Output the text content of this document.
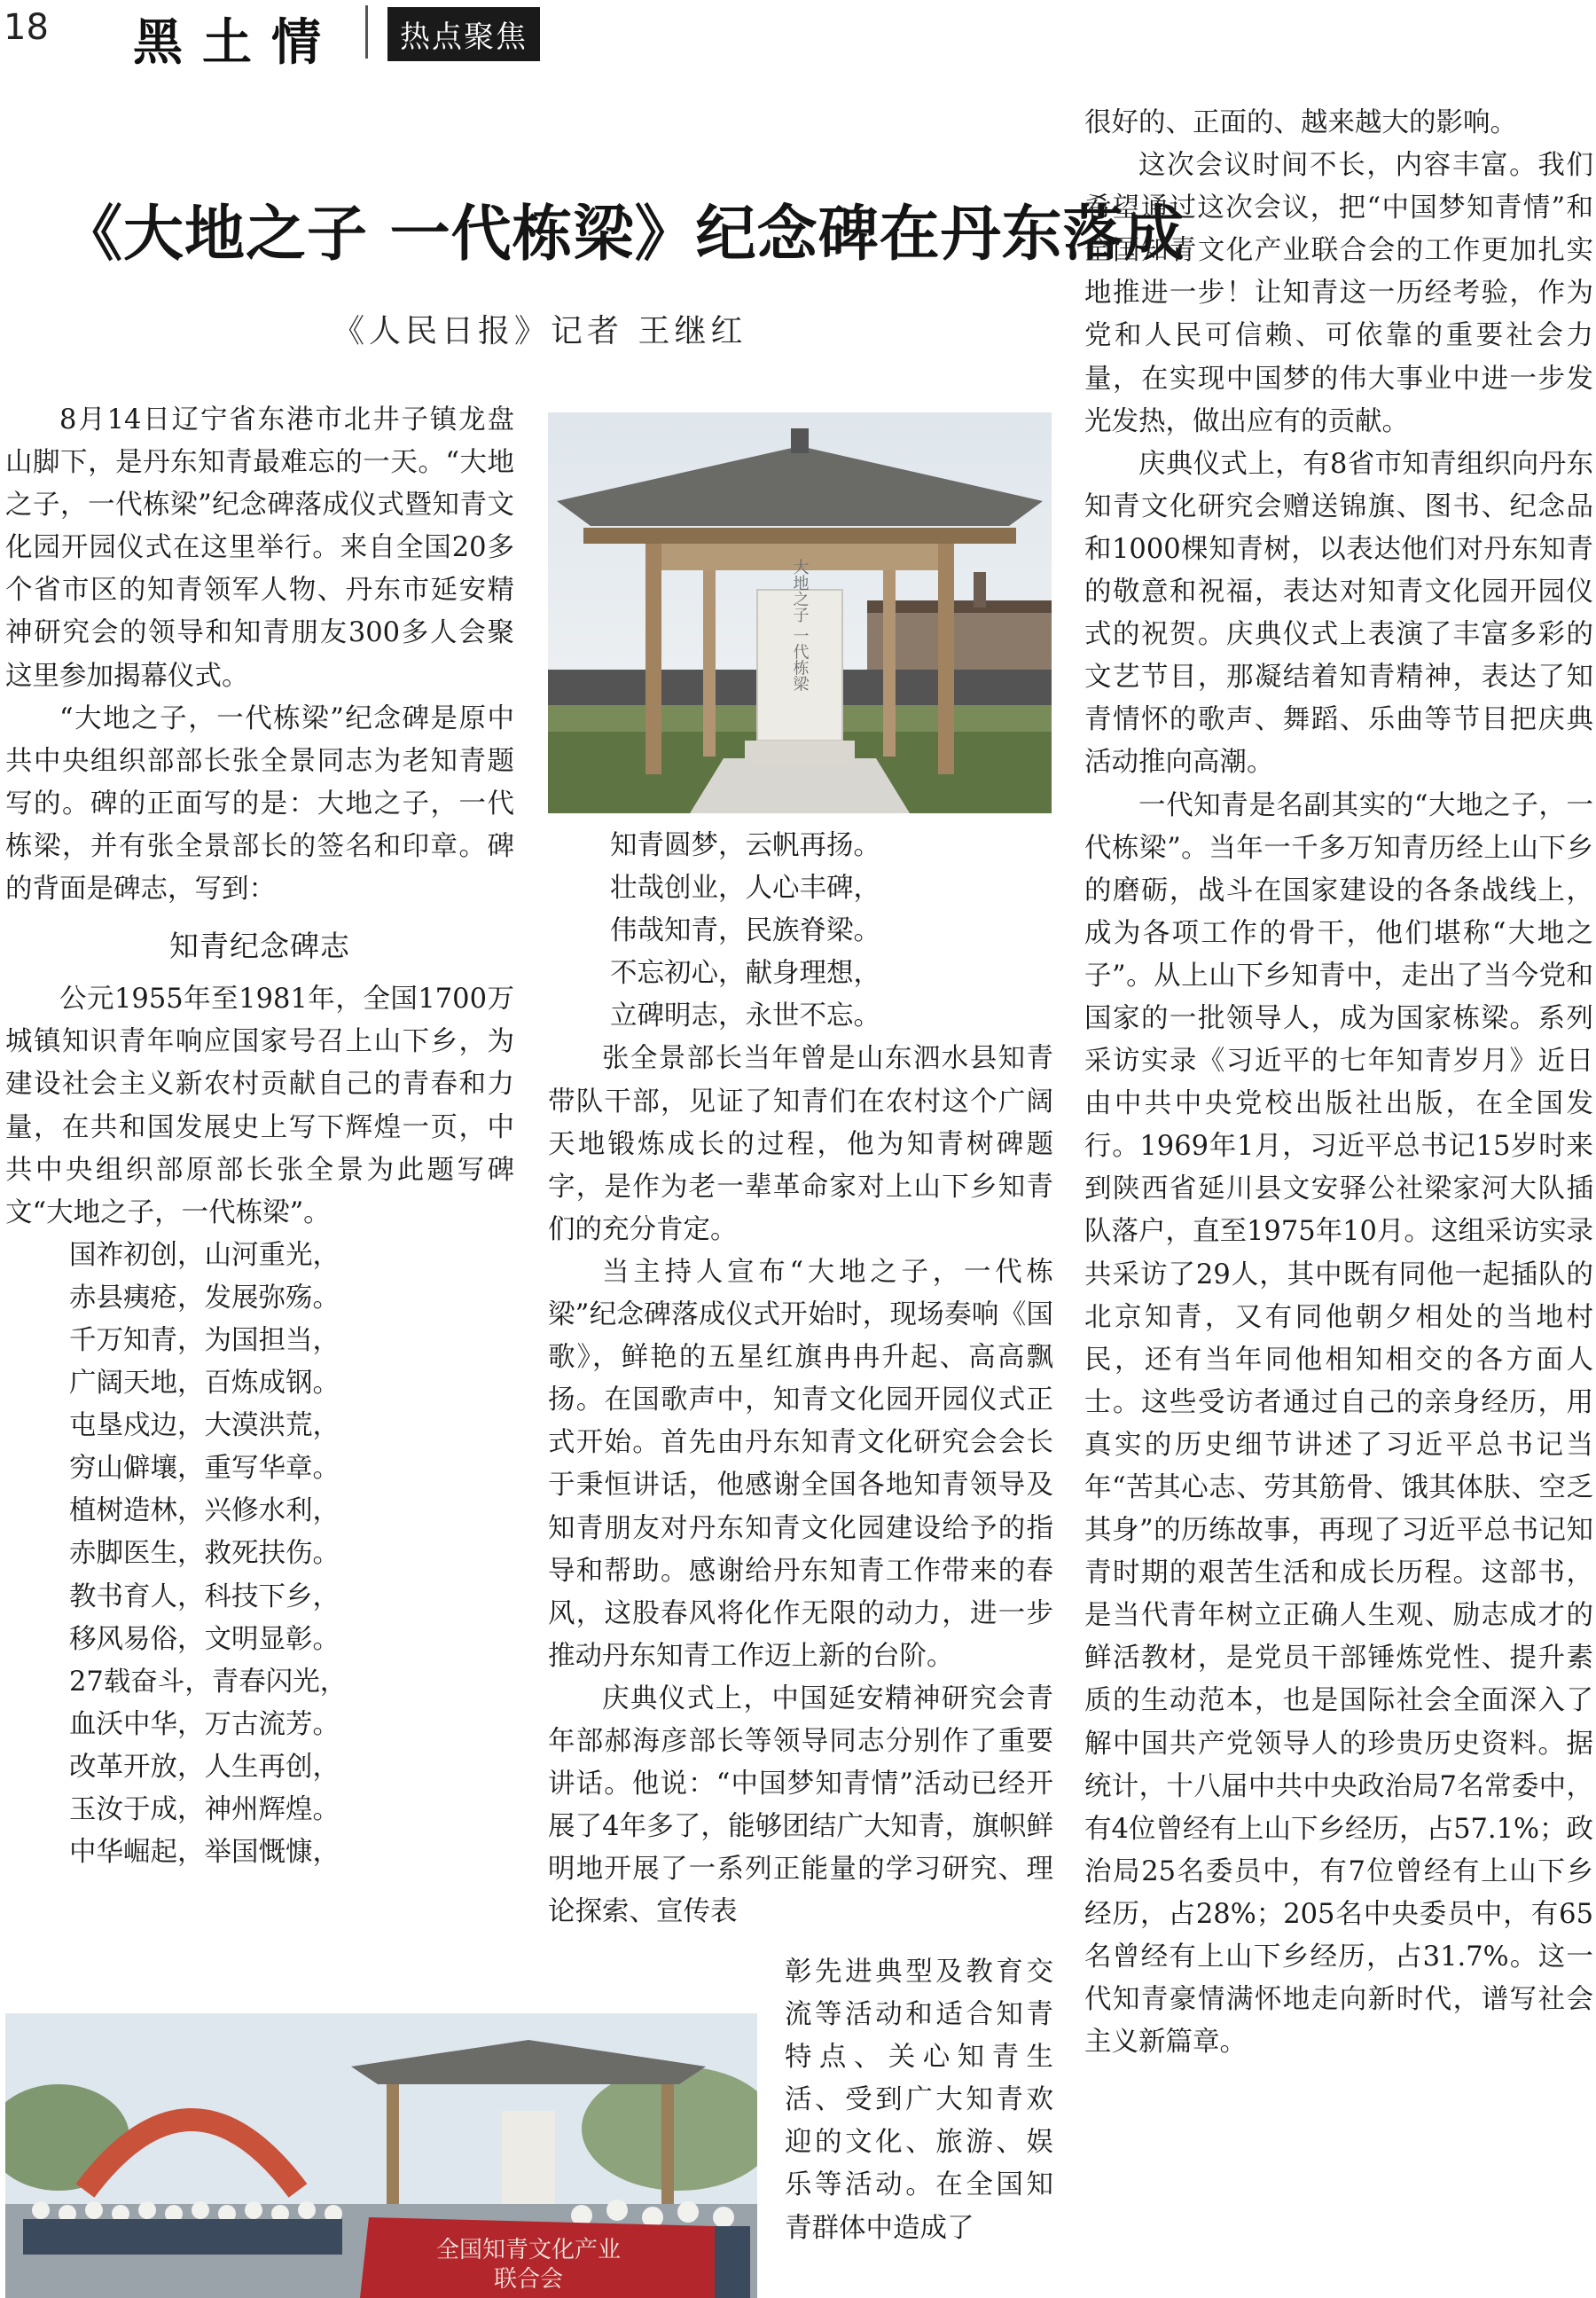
18 黑土情	热点聚焦
《大地之子 一代栋梁》纪念碑在丹东落成
《人民日报》记者 王继红

8月14日辽宁省东港市北井子镇龙盘山脚下，是丹东知青最难忘的一天。“大地之子，一代栋梁”纪念碑落成仪式暨知青文化园开园仪式在这里举行。来自全国20多个省市区的知青领军人物、丹东市延安精神研究会的领导和知青朋友300多人会聚这里参加揭幕仪式。

“大地之子，一代栋梁”纪念碑是原中共中央组织部部长张全景同志为老知青题写的。碑的正面写的是：大地之子，一代栋梁，并有张全景部长的签名和印章。碑的背面是碑志，写到：

知青纪念碑志

公元1955年至1981年，全国1700万城镇知识青年响应国家号召上山下乡，为建设社会主义新农村贡献自己的青春和力量，在共和国发展史上写下辉煌一页，中共中央组织部原部长张全景为此题写碑文“大地之子，一代栋梁”。

国祚初创，山河重光，
赤县痍疮，发展弥殇。
千万知青，为国担当，
广阔天地，百炼成钢。
屯垦戍边，大漠洪荒，
穷山僻壤，重写华章。
植树造林，兴修水利，
赤脚医生，救死扶伤。
教书育人，科技下乡，
移风易俗，文明显彰。
27载奋斗，青春闪光，
血沃中华，万古流芳。
改革开放，人生再创，
玉汝于成，神州辉煌。
中华崛起，举国慨慷，
大地之子 一代栋梁
知青圆梦，云帆再扬。
壮哉创业，人心丰碑，
伟哉知青，民族脊梁。
不忘初心，献身理想，
立碑明志，永世不忘。

张全景部长当年曾是山东泗水县知青带队干部，见证了知青们在农村这个广阔天地锻炼成长的过程，他为知青树碑题字，是作为老一辈革命家对上山下乡知青们的充分肯定。

当主持人宣布“大地之子，一代栋梁”纪念碑落成仪式开始时，现场奏响《国歌》，鲜艳的五星红旗冉冉升起、高高飘扬。在国歌声中，知青文化园开园仪式正式开始。首先由丹东知青文化研究会会长于秉恒讲话，他感谢全国各地知青领导及知青朋友对丹东知青文化园建设给予的指导和帮助。感谢给丹东知青工作带来的春风，这股春风将化作无限的动力，进一步推动丹东知青工作迈上新的台阶。

庆典仪式上，中国延安精神研究会青年部郝海彦部长等领导同志分别作了重要讲话。他说：“中国梦知青情”活动已经开展了4年多了，能够团结广大知青，旗帜鲜明地开展了一系列正能量的学习研究、理论探索、宣传表

彰先进典型及教育交流等活动和适合知青特点、关心知青生活、受到广大知青欢迎的文化、旅游、娱乐等活动。在全国知青群体中造成了

很好的、正面的、越来越大的影响。

这次会议时间不长，内容丰富。我们希望通过这次会议，把“中国梦知青情”和全国知青文化产业联合会的工作更加扎实地推进一步！让知青这一历经考验，作为党和人民可信赖、可依靠的重要社会力量，在实现中国梦的伟大事业中进一步发光发热，做出应有的贡献。

庆典仪式上，有8省市知青组织向丹东知青文化研究会赠送锦旗、图书、纪念品和1000棵知青树，以表达他们对丹东知青的敬意和祝福，表达对知青文化园开园仪式的祝贺。庆典仪式上表演了丰富多彩的文艺节目，那凝结着知青精神，表达了知青情怀的歌声、舞蹈、乐曲等节目把庆典活动推向高潮。

一代知青是名副其实的“大地之子，一代栋梁”。当年一千多万知青历经上山下乡的磨砺，战斗在国家建设的各条战线上，成为各项工作的骨干，他们堪称“大地之子”。从上山下乡知青中，走出了当今党和国家的一批领导人，成为国家栋梁。系列采访实录《习近平的七年知青岁月》近日由中共中央党校出版社出版，在全国发行。1969年1月，习近平总书记15岁时来到陕西省延川县文安驿公社梁家河大队插队落户，直至1975年10月。这组采访实录共采访了29人，其中既有同他一起插队的北京知青，又有同他朝夕相处的当地村民，还有当年同他相知相交的各方面人士。这些受访者通过自己的亲身经历，用真实的历史细节讲述了习近平总书记当年“苦其心志、劳其筋骨、饿其体肤、空乏其身”的历练故事，再现了习近平总书记知青时期的艰苦生活和成长历程。这部书，是当代青年树立正确人生观、励志成才的鲜活教材，是党员干部锤炼党性、提升素质的生动范本，也是国际社会全面深入了解中国共产党领导人的珍贵历史资料。据统计，十八届中共中央政治局7名常委中，有4位曾经有上山下乡经历，占57.1%；政治局25名委员中，有7位曾经有上山下乡经历，占28%；205名中央委员中，有65名曾经有上山下乡经历，占31.7%。这一代知青豪情满怀地走向新时代，谱写社会主义新篇章。

全国知青文化产业
联合会
